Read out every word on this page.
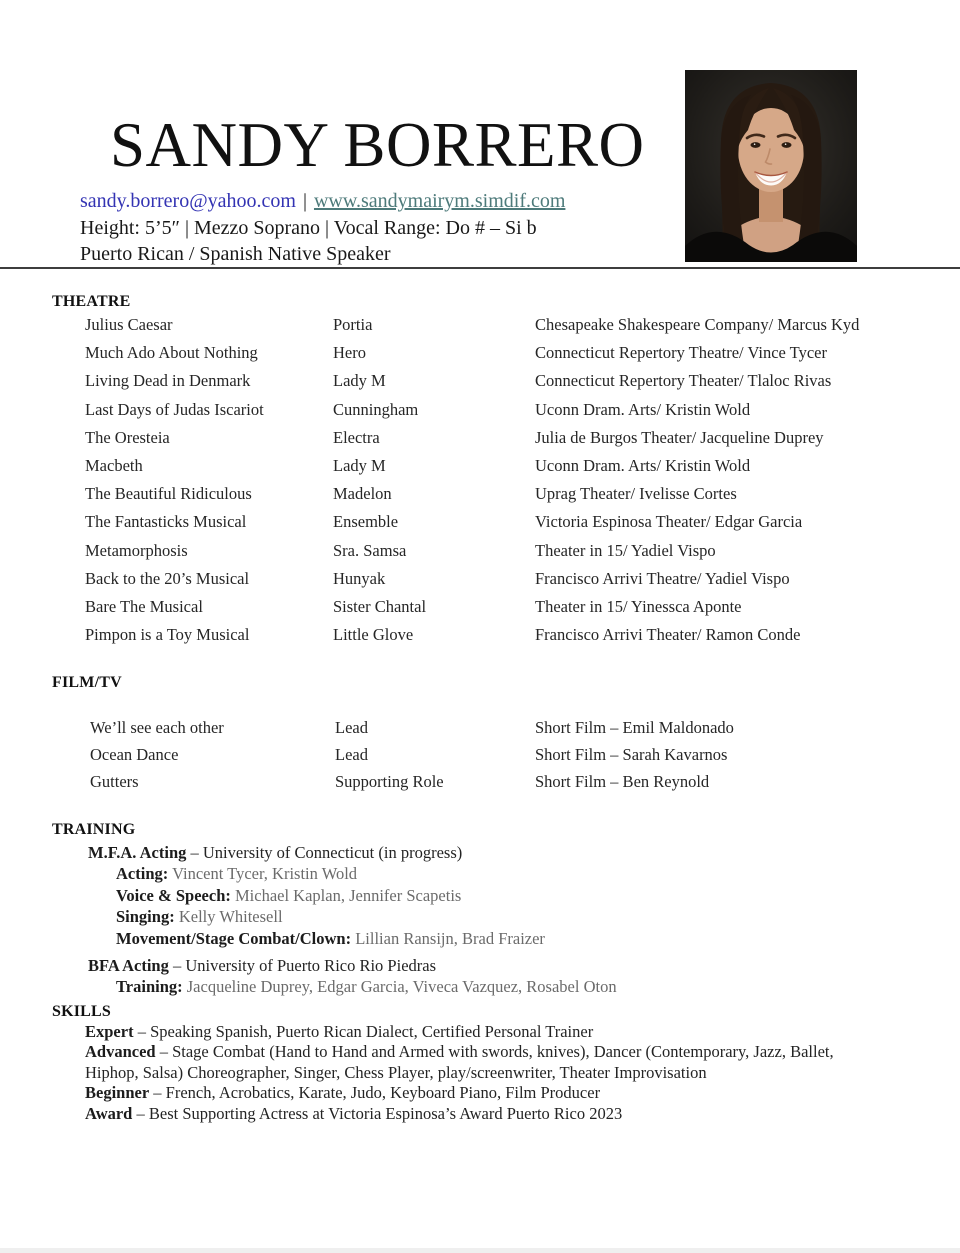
SANDY BORRERO

sandy.borrero@yahoo.com | www.sandymairym.simdif.com

Height: 5’5″ | Mezzo Soprano | Vocal Range: Do # – Si b

Puerto Rican / Spanish Native Speaker

THEATRE
Julius Caesar	Portia	Chesapeake Shakespeare Company/ Marcus Kyd
Much Ado About Nothing	Hero	Connecticut Repertory Theatre/ Vince Tycer
Living Dead in Denmark	Lady M	Connecticut Repertory Theater/ Tlaloc Rivas
Last Days of Judas Iscariot	Cunningham	Uconn Dram. Arts/ Kristin Wold
The Oresteia	Electra	Julia de Burgos Theater/ Jacqueline Duprey
Macbeth	Lady M	Uconn Dram. Arts/ Kristin Wold
The Beautiful Ridiculous	Madelon	Uprag Theater/ Ivelisse Cortes
The Fantasticks Musical	Ensemble	Victoria Espinosa Theater/ Edgar Garcia
Metamorphosis	Sra. Samsa	Theater in 15/ Yadiel Vispo
Back to the 20’s Musical	Hunyak	Francisco Arrivi Theatre/ Yadiel Vispo
Bare The Musical	Sister Chantal	Theater in 15/ Yinessca Aponte
Pimpon is a Toy Musical	Little Glove	Francisco Arrivi Theater/ Ramon Conde
FILM/TV
We’ll see each other	Lead	Short Film – Emil Maldonado
Ocean Dance	Lead	Short Film – Sarah Kavarnos
Gutters	Supporting Role	Short Film – Ben Reynold
TRAINING

M.F.A. Acting – University of Connecticut (in progress)

Acting: Vincent Tycer, Kristin Wold

Voice & Speech: Michael Kaplan, Jennifer Scapetis

Singing: Kelly Whitesell

Movement/Stage Combat/Clown: Lillian Ransijn, Brad Fraizer

BFA Acting – University of Puerto Rico Rio Piedras

Training: Jacqueline Duprey, Edgar Garcia, Viveca Vazquez, Rosabel Oton

SKILLS

Expert – Speaking Spanish, Puerto Rican Dialect, Certified Personal Trainer

Advanced – Stage Combat (Hand to Hand and Armed with swords, knives), Dancer (Contemporary, Jazz, Ballet, Hiphop, Salsa) Choreographer, Singer, Chess Player, play/screenwriter, Theater Improvisation

Beginner – French, Acrobatics, Karate, Judo, Keyboard Piano, Film Producer

Award – Best Supporting Actress at Victoria Espinosa’s Award Puerto Rico 2023
